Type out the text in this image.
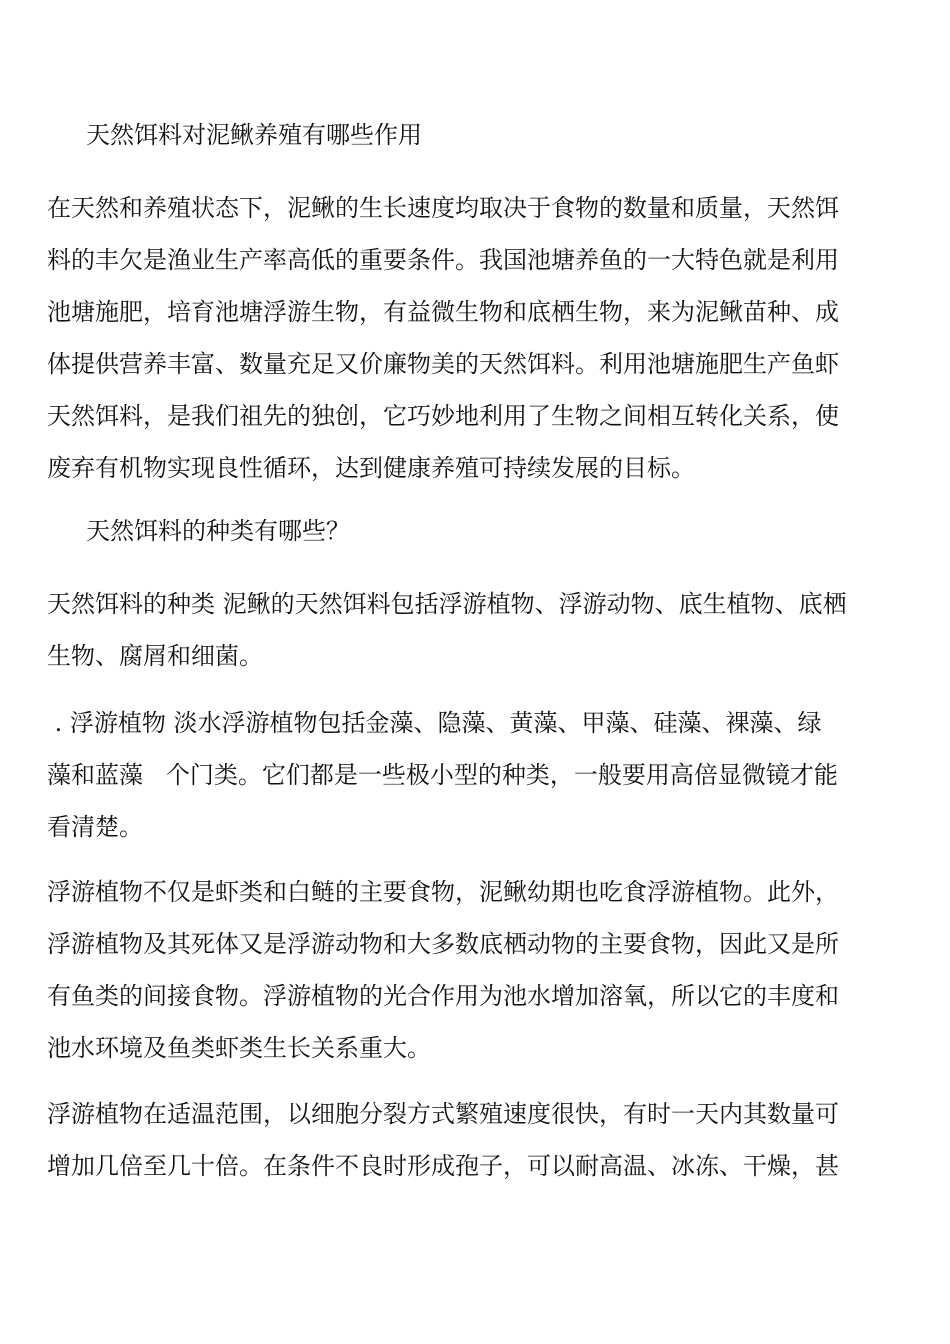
天然饵料对泥鳅养殖有哪些作用
在天然和养殖状态下，泥鳅的生长速度均取决于食物的数量和质量，天然饵
料的丰欠是渔业生产率高低的重要条件。我国池塘养鱼的一大特色就是利用
池塘施肥，培育池塘浮游生物，有益微生物和底栖生物，来为泥鳅苗种、成
体提供营养丰富、数量充足又价廉物美的天然饵料。利用池塘施肥生产鱼虾
天然饵料，是我们祖先的独创，它巧妙地利用了生物之间相互转化关系，使
废弃有机物实现良性循环，达到健康养殖可持续发展的目标。
天然饵料的种类有哪些？
天然饵料的种类 泥鳅的天然饵料包括浮游植物、浮游动物、底生植物、底栖
生物、腐屑和细菌。
. 浮游植物 淡水浮游植物包括金藻、隐藻、黄藻、甲藻、硅藻、裸藻、绿
藻和蓝藻   个门类。它们都是一些极小型的种类，一般要用高倍显微镜才能
看清楚。
浮游植物不仅是虾类和白鲢的主要食物，泥鳅幼期也吃食浮游植物。此外，
浮游植物及其死体又是浮游动物和大多数底栖动物的主要食物，因此又是所
有鱼类的间接食物。浮游植物的光合作用为池水增加溶氧，所以它的丰度和
池水环境及鱼类虾类生长关系重大。
浮游植物在适温范围，以细胞分裂方式繁殖速度很快，有时一天内其数量可
增加几倍至几十倍。在条件不良时形成孢子，可以耐高温、冰冻、干燥，甚
